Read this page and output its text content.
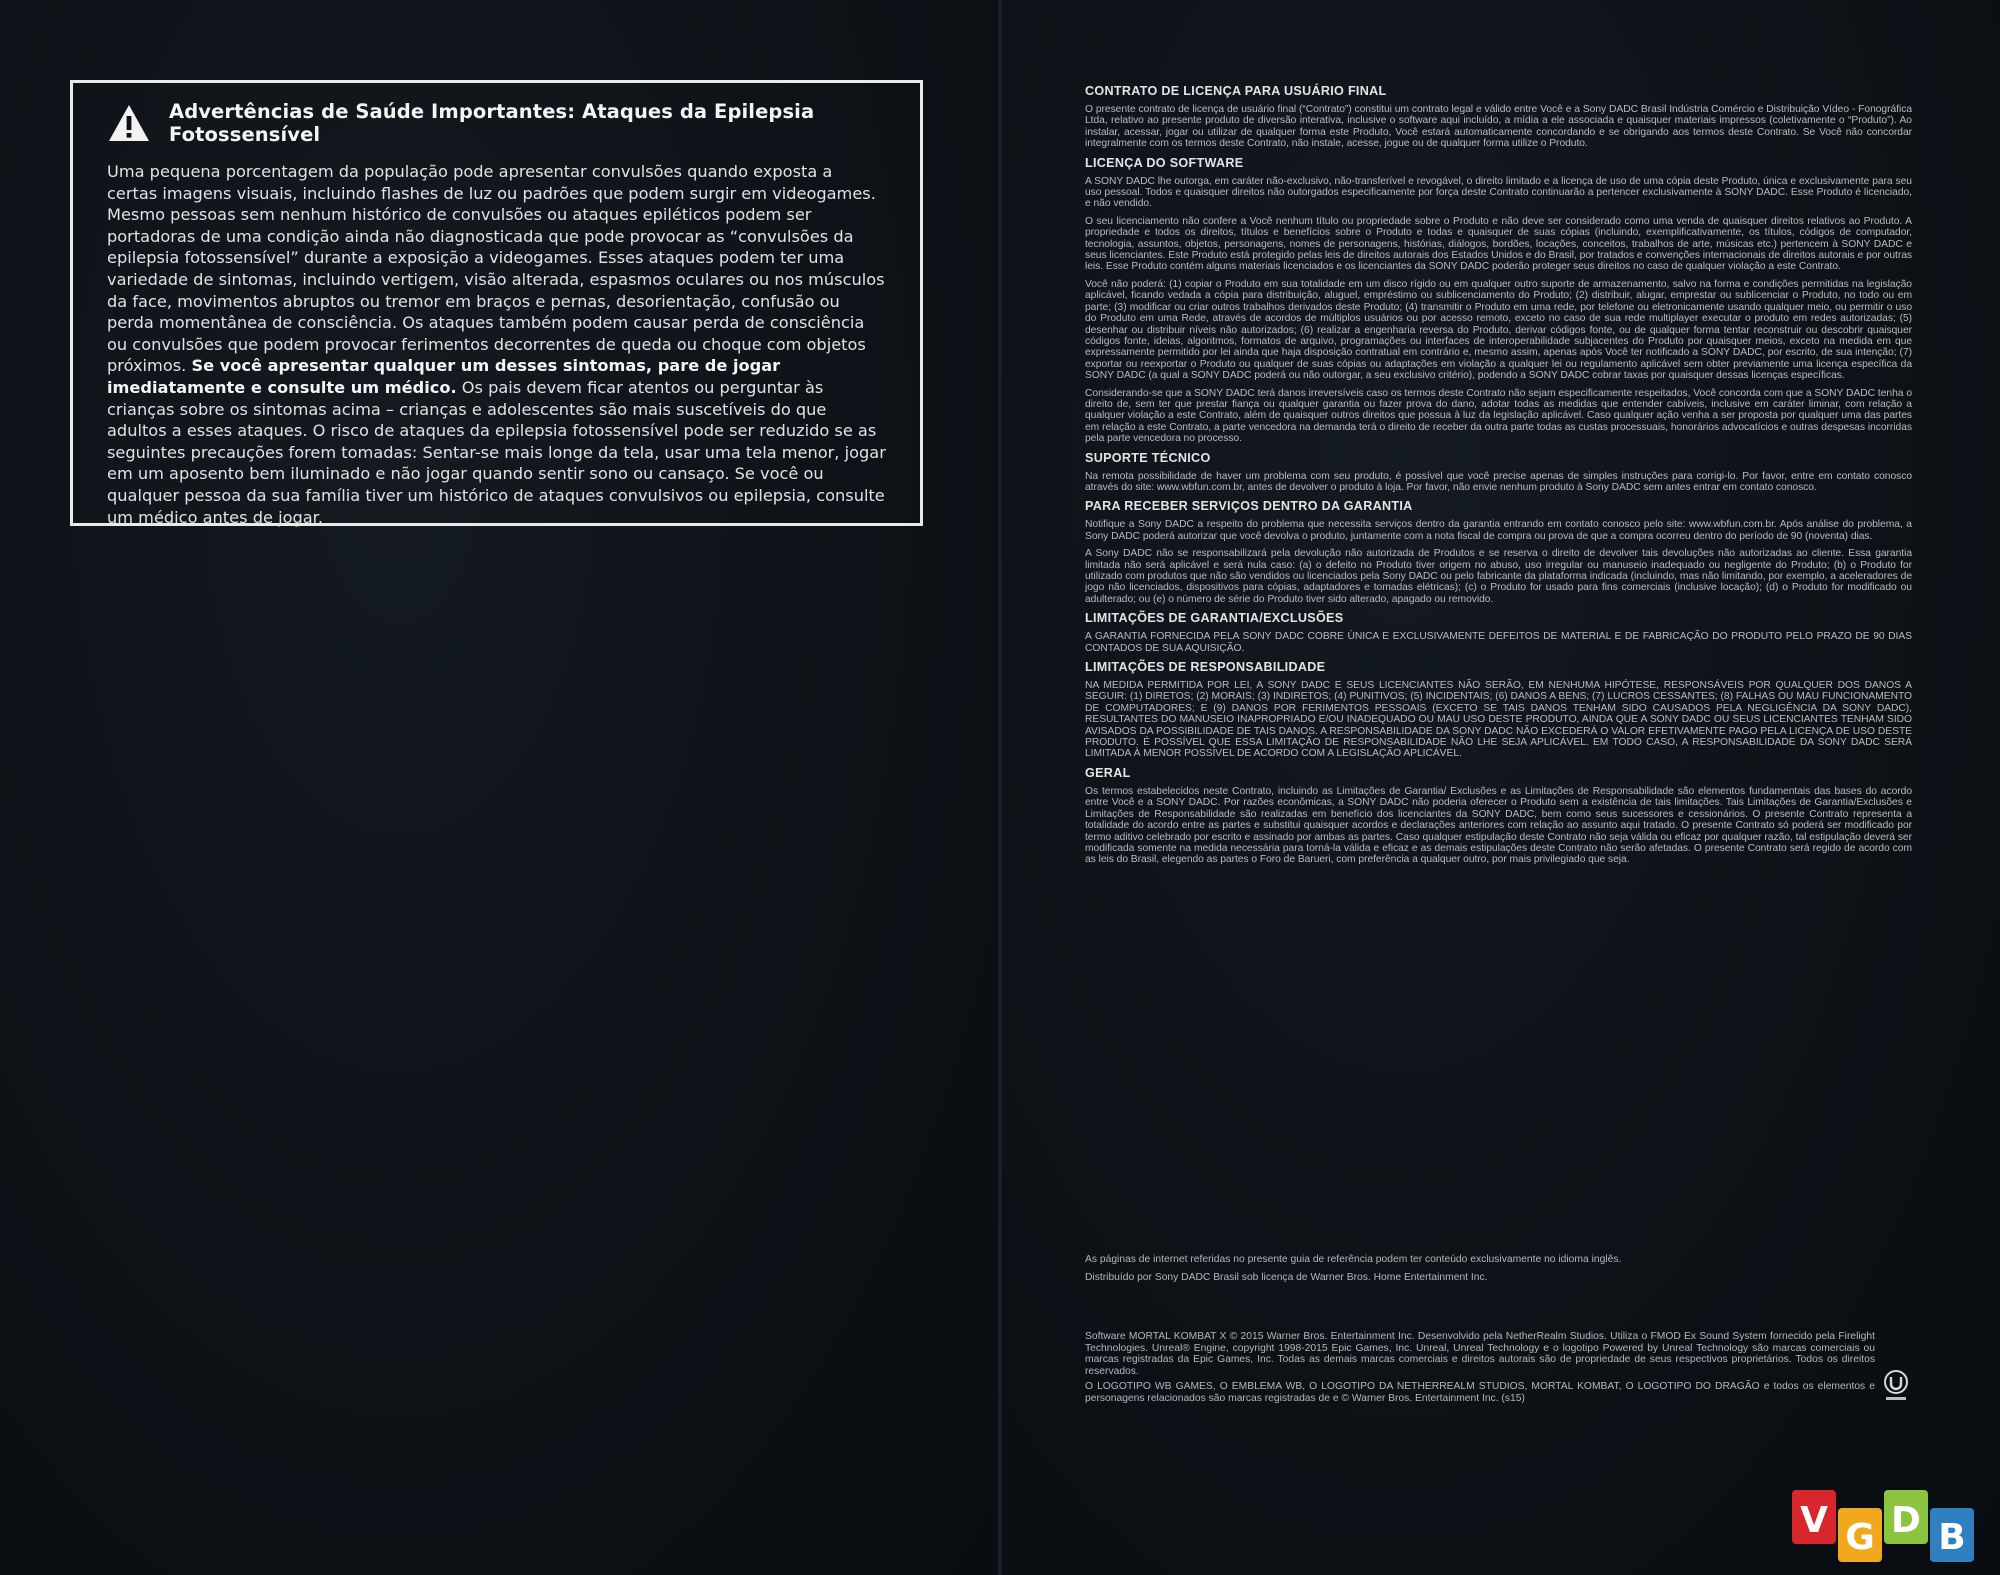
Advertências de Saúde Importantes: Ataques da Epilepsia Fotossensível
Uma pequena porcentagem da população pode apresentar convulsões quando exposta a certas imagens visuais, incluindo flashes de luz ou padrões que podem surgir em videogames. Mesmo pessoas sem nenhum histórico de convulsões ou ataques epiléticos podem ser portadoras de uma condição ainda não diagnosticada que pode provocar as “convulsões da epilepsia fotossensível” durante a exposição a videogames. Esses ataques podem ter uma variedade de sintomas, incluindo vertigem, visão alterada, espasmos oculares ou nos músculos da face, movimentos abruptos ou tremor em braços e pernas, desorientação, confusão ou perda momentânea de consciência. Os ataques também podem causar perda de consciência ou convulsões que podem provocar ferimentos decorrentes de queda ou choque com objetos próximos. Se você apresentar qualquer um desses sintomas, pare de jogar imediatamente e consulte um médico. Os pais devem ficar atentos ou perguntar às crianças sobre os sintomas acima – crianças e adolescentes são mais suscetíveis do que adultos a esses ataques. O risco de ataques da epilepsia fotossensível pode ser reduzido se as seguintes precauções forem tomadas: Sentar-se mais longe da tela, usar uma tela menor, jogar em um aposento bem iluminado e não jogar quando sentir sono ou cansaço. Se você ou qualquer pessoa da sua família tiver um histórico de ataques convulsivos ou epilepsia, consulte um médico antes de jogar.
CONTRATO DE LICENÇA PARA USUÁRIO FINAL

O presente contrato de licença de usuário final (“Contrato”) constitui um contrato legal e válido entre Você e a Sony DADC Brasil Indústria Comércio e Distribuição Vídeo - Fonográfica Ltda, relativo ao presente produto de diversão interativa, inclusive o software aqui incluído, a mídia a ele associada e quaisquer materiais impressos (coletivamente o “Produto”). Ao instalar, acessar, jogar ou utilizar de qualquer forma este Produto, Você estará automaticamente concordando e se obrigando aos termos deste Contrato. Se Você não concordar integralmente com os termos deste Contrato, não instale, acesse, jogue ou de qualquer forma utilize o Produto.

LICENÇA DO SOFTWARE

A SONY DADC lhe outorga, em caráter não-exclusivo, não-transferível e revogável, o direito limitado e a licença de uso de uma cópia deste Produto, única e exclusivamente para seu uso pessoal. Todos e quaisquer direitos não outorgados especificamente por força deste Contrato continuarão a pertencer exclusivamente à SONY DADC. Esse Produto é licenciado, e não vendido.

O seu licenciamento não confere a Você nenhum título ou propriedade sobre o Produto e não deve ser considerado como uma venda de quaisquer direitos relativos ao Produto. A propriedade e todos os direitos, títulos e benefícios sobre o Produto e todas e quaisquer de suas cópias (incluindo, exemplificativamente, os títulos, códigos de computador, tecnologia, assuntos, objetos, personagens, nomes de personagens, histórias, diálogos, bordões, locações, conceitos, trabalhos de arte, músicas etc.) pertencem à SONY DADC e seus licenciantes. Este Produto está protegido pelas leis de direitos autorais dos Estados Unidos e do Brasil, por tratados e convenções internacionais de direitos autorais e por outras leis. Esse Produto contém alguns materiais licenciados e os licenciantes da SONY DADC poderão proteger seus direitos no caso de qualquer violação a este Contrato.

Você não poderá: (1) copiar o Produto em sua totalidade em um disco rígido ou em qualquer outro suporte de armazenamento, salvo na forma e condições permitidas na legislação aplicável, ficando vedada a cópia para distribuição, aluguel, empréstimo ou sublicenciamento do Produto; (2) distribuir, alugar, emprestar ou sublicenciar o Produto, no todo ou em parte; (3) modificar ou criar outros trabalhos derivados deste Produto; (4) transmitir o Produto em uma rede, por telefone ou eletronicamente usando qualquer meio, ou permitir o uso do Produto em uma Rede, através de acordos de múltiplos usuários ou por acesso remoto, exceto no caso de sua rede multiplayer executar o produto em redes autorizadas; (5) desenhar ou distribuir níveis não autorizados; (6) realizar a engenharia reversa do Produto, derivar códigos fonte, ou de qualquer forma tentar reconstruir ou descobrir quaisquer códigos fonte, ideias, algoritmos, formatos de arquivo, programações ou interfaces de interoperabilidade subjacentes do Produto por quaisquer meios, exceto na medida em que expressamente permitido por lei ainda que haja disposição contratual em contrário e, mesmo assim, apenas após Você ter notificado a SONY DADC, por escrito, de sua intenção; (7) exportar ou reexportar o Produto ou qualquer de suas cópias ou adaptações em violação a qualquer lei ou regulamento aplicável sem obter previamente uma licença específica da SONY DADC (a qual a SONY DADC poderá ou não outorgar, a seu exclusivo critério), podendo a SONY DADC cobrar taxas por quaisquer dessas licenças específicas.

Considerando-se que a SONY DADC terá danos irreversíveis caso os termos deste Contrato não sejam especificamente respeitados, Você concorda com que a SONY DADC tenha o direito de, sem ter que prestar fiança ou qualquer garantia ou fazer prova do dano, adotar todas as medidas que entender cabíveis, inclusive em caráter liminar, com relação a qualquer violação a este Contrato, além de quaisquer outros direitos que possua à luz da legislação aplicável. Caso qualquer ação venha a ser proposta por qualquer uma das partes em relação a este Contrato, a parte vencedora na demanda terá o direito de receber da outra parte todas as custas processuais, honorários advocatícios e outras despesas incorridas pela parte vencedora no processo.

SUPORTE TÉCNICO

Na remota possibilidade de haver um problema com seu produto, é possível que você precise apenas de simples instruções para corrigi-lo. Por favor, entre em contato conosco através do site: www.wbfun.com.br, antes de devolver o produto à loja. Por favor, não envie nenhum produto à Sony DADC sem antes entrar em contato conosco.

PARA RECEBER SERVIÇOS DENTRO DA GARANTIA

Notifique a Sony DADC a respeito do problema que necessita serviços dentro da garantia entrando em contato conosco pelo site: www.wbfun.com.br. Após análise do problema, a Sony DADC poderá autorizar que você devolva o produto, juntamente com a nota fiscal de compra ou prova de que a compra ocorreu dentro do período de 90 (noventa) dias.

A Sony DADC não se responsabilizará pela devolução não autorizada de Produtos e se reserva o direito de devolver tais devoluções não autorizadas ao cliente. Essa garantia limitada não será aplicável e será nula caso: (a) o defeito no Produto tiver origem no abuso, uso irregular ou manuseio inadequado ou negligente do Produto; (b) o Produto for utilizado com produtos que não são vendidos ou licenciados pela Sony DADC ou pelo fabricante da plataforma indicada (incluindo, mas não limitando, por exemplo, a aceleradores de jogo não licenciados, dispositivos para cópias, adaptadores e tomadas elétricas); (c) o Produto for usado para fins comerciais (inclusive locação); (d) o Produto for modificado ou adulterado; ou (e) o número de série do Produto tiver sido alterado, apagado ou removido.

LIMITAÇÕES DE GARANTIA/EXCLUSÕES

A GARANTIA FORNECIDA PELA SONY DADC COBRE ÚNICA E EXCLUSIVAMENTE DEFEITOS DE MATERIAL E DE FABRICAÇÃO DO PRODUTO PELO PRAZO DE 90 DIAS CONTADOS DE SUA AQUISIÇÃO.

LIMITAÇÕES DE RESPONSABILIDADE

NA MEDIDA PERMITIDA POR LEI, A SONY DADC E SEUS LICENCIANTES NÃO SERÃO, EM NENHUMA HIPÓTESE, RESPONSÁVEIS POR QUALQUER DOS DANOS A SEGUIR: (1) DIRETOS; (2) MORAIS; (3) INDIRETOS; (4) PUNITIVOS; (5) INCIDENTAIS; (6) DANOS A BENS; (7) LUCROS CESSANTES; (8) FALHAS OU MAU FUNCIONAMENTO DE COMPUTADORES; E (9) DANOS POR FERIMENTOS PESSOAIS (EXCETO SE TAIS DANOS TENHAM SIDO CAUSADOS PELA NEGLIGÊNCIA DA SONY DADC), RESULTANTES DO MANUSEIO INAPROPRIADO E/OU INADEQUADO OU MAU USO DESTE PRODUTO, AINDA QUE A SONY DADC OU SEUS LICENCIANTES TENHAM SIDO AVISADOS DA POSSIBILIDADE DE TAIS DANOS. A RESPONSABILIDADE DA SONY DADC NÃO EXCEDERÁ O VALOR EFETIVAMENTE PAGO PELA LICENÇA DE USO DESTE PRODUTO. É POSSÍVEL QUE ESSA LIMITAÇÃO DE RESPONSABILIDADE NÃO LHE SEJA APLICÁVEL. EM TODO CASO, A RESPONSABILIDADE DA SONY DADC SERÁ LIMITADA À MENOR POSSÍVEL DE ACORDO COM A LEGISLAÇÃO APLICÁVEL.

GERAL

Os termos estabelecidos neste Contrato, incluindo as Limitações de Garantia/ Exclusões e as Limitações de Responsabilidade são elementos fundamentais das bases do acordo entre Você e a SONY DADC. Por razões econômicas, a SONY DADC não poderia oferecer o Produto sem a existência de tais limitações. Tais Limitações de Garantia/Exclusões e Limitações de Responsabilidade são realizadas em benefício dos licenciantes da SONY DADC, bem como seus sucessores e cessionários. O presente Contrato representa a totalidade do acordo entre as partes e substitui quaisquer acordos e declarações anteriores com relação ao assunto aqui tratado. O presente Contrato só poderá ser modificado por termo aditivo celebrado por escrito e assinado por ambas as partes. Caso qualquer estipulação deste Contrato não seja válida ou eficaz por qualquer razão, tal estipulação deverá ser modificada somente na medida necessária para torná-la válida e eficaz e as demais estipulações deste Contrato não serão afetadas. O presente Contrato será regido de acordo com as leis do Brasil, elegendo as partes o Foro de Barueri, com preferência a qualquer outro, por mais privilegiado que seja.

As páginas de internet referidas no presente guia de referência podem ter conteúdo exclusivamente no idioma inglês.

Distribuído por Sony DADC Brasil sob licença de Warner Bros. Home Entertainment Inc.

Software MORTAL KOMBAT X © 2015 Warner Bros. Entertainment Inc. Desenvolvido pela NetherRealm Studios. Utiliza o FMOD Ex Sound System fornecido pela Firelight Technologies. Unreal® Engine, copyright 1998-2015 Epic Games, Inc. Unreal, Unreal Technology e o logotipo Powered by Unreal Technology são marcas comerciais ou marcas registradas da Epic Games, Inc. Todas as demais marcas comerciais e direitos autorais são de propriedade de seus respectivos proprietários. Todos os direitos reservados.

O LOGOTIPO WB GAMES, O EMBLEMA WB, O LOGOTIPO DA NETHERREALM STUDIOS, MORTAL KOMBAT, O LOGOTIPO DO DRAGÃO e todos os elementos e personagens relacionados são marcas registradas de e © Warner Bros. Entertainment Inc. (s15)

V G D B
